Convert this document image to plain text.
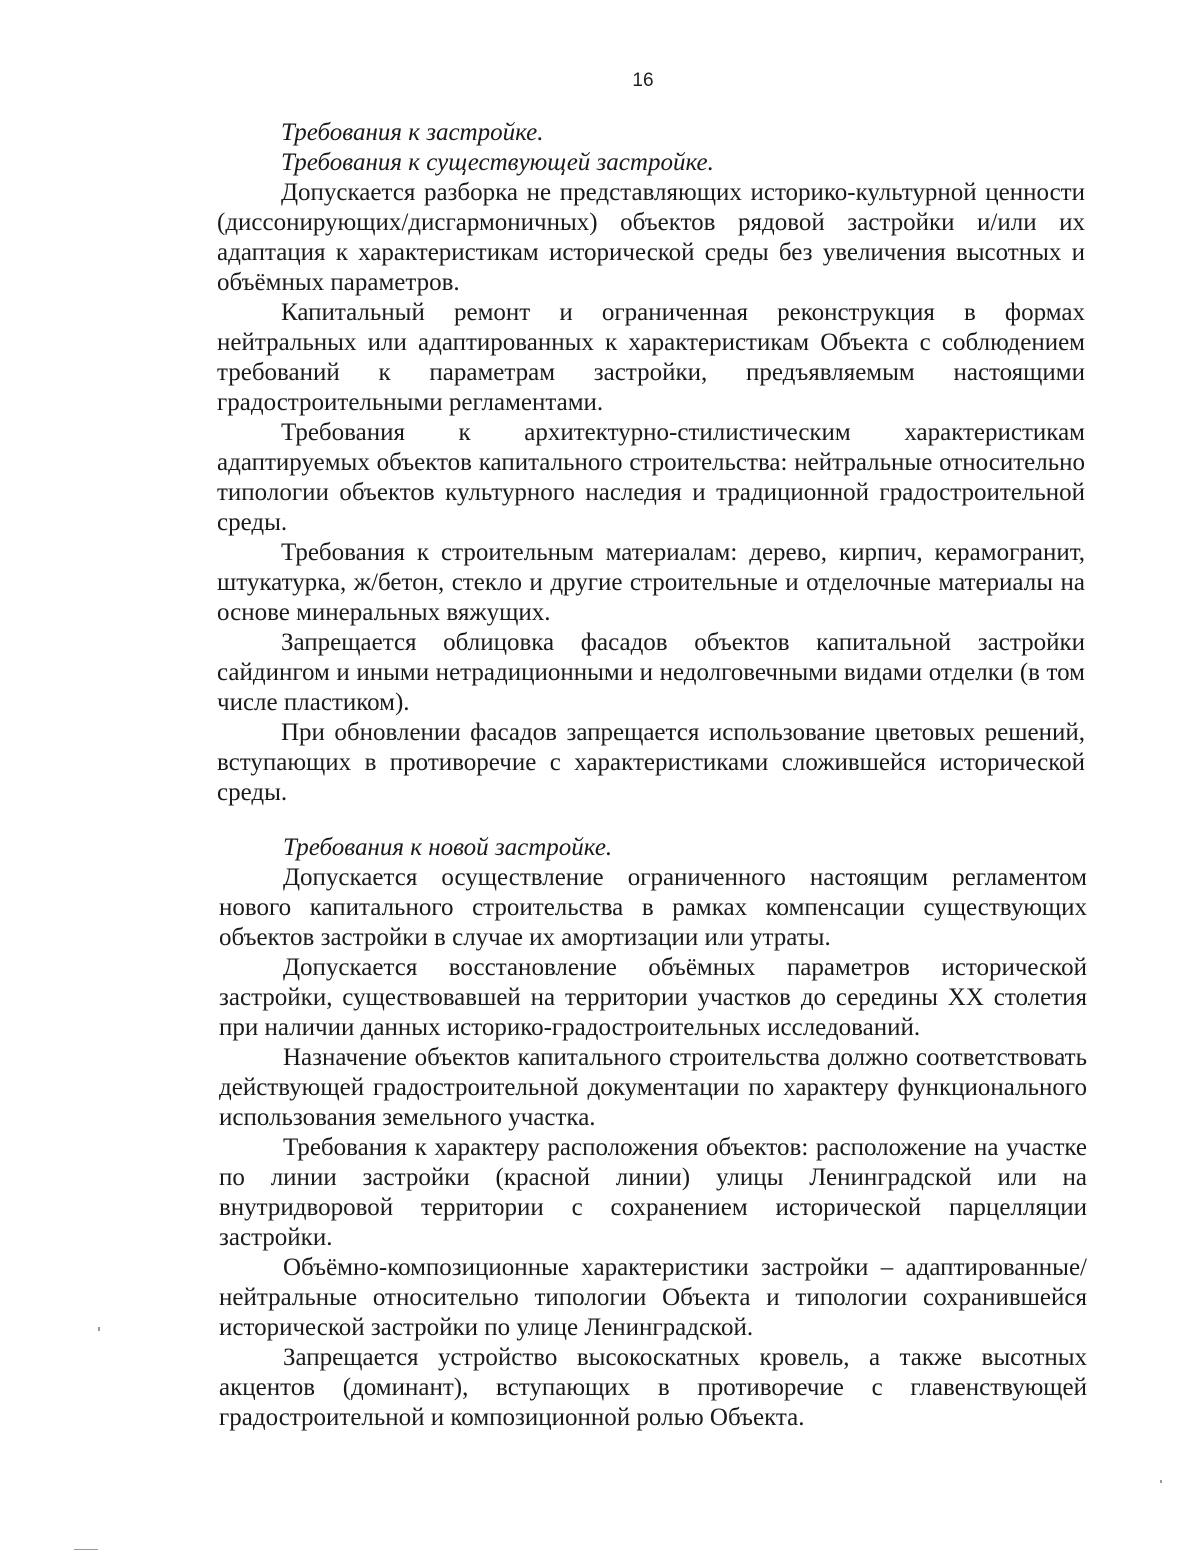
16

Требования к застройке.

Требования к существующей застройке.

Допускается разборка не представляющих историко-культурной ценности (диссонирующих/дисгармоничных) объектов рядовой застройки и/или их адаптация к характеристикам исторической среды без увеличения высотных и объёмных параметров.

Капитальный ремонт и ограниченная реконструкция в формах нейтральных или адаптированных к характеристикам Объекта с соблюдением требований к параметрам застройки, предъявляемым настоящими градостроительными регламентами.

Требования к архитектурно-стилистическим характеристикам адаптируемых объектов капитального строительства: нейтральные относительно типологии объектов культурного наследия и традиционной градостроительной среды.

Требования к строительным материалам: дерево, кирпич, керамогранит, штукатурка, ж/бетон, стекло и другие строительные и отделочные материалы на основе минеральных вяжущих.

Запрещается облицовка фасадов объектов капитальной застройки сайдингом и иными нетрадиционными и недолговечными видами отделки (в том числе пластиком).

При обновлении фасадов запрещается использование цветовых решений, вступающих в противоречие с характеристиками сложившейся исторической среды.

Требования к новой застройке.

Допускается осуществление ограниченного настоящим регламентом нового капитального строительства в рамках компенсации существующих объектов застройки в случае их амортизации или утраты.

Допускается восстановление объёмных параметров исторической застройки, существовавшей на территории участков до середины XX столетия при наличии данных историко-градостроительных исследований.

Назначение объектов капитального строительства должно соответствовать действующей градостроительной документации по характеру функционального использования земельного участка.

Требования к характеру расположения объектов: расположение на участке по линии застройки (красной линии) улицы Ленинградской или на внутридворовой территории с сохранением исторической парцелляции застройки.

Объёмно-композиционные характеристики застройки – адаптированные/нейтральные относительно типологии Объекта и типологии сохранившейся исторической застройки по улице Ленинградской.

Запрещается устройство высокоскатных кровель, а также высотных акцентов (доминант), вступающих в противоречие с главенствующей градостроительной и композиционной ролью Объекта.
